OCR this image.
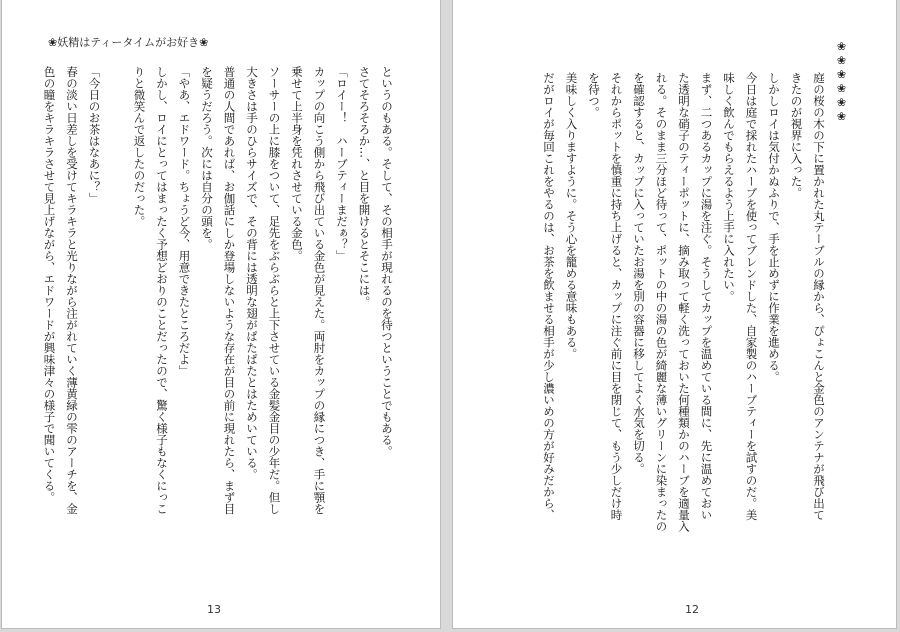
❀妖精はティータイムがお好き❀
というのもある。そして、その相手が現れるのを待つということでもある。
さてそろそろか…、と目を開けるとそこには。
「ロイー！　ハーブティーまだぁ？」
カップの向こう側から飛び出ている金色が見えた。両肘をカップの縁につき、手に顎を
乗せて上半身を凭れさせている金色。
ソーサーの上に膝をついて、足先をぶらぶらと上下させている金髪金目の少年だ。但し
大きさは手のひらサイズで、その背には透明な翅がぱたぱたとはためいている。
普通の人間であれば、お伽話にしか登場しないような存在が目の前に現れたら、まず目
を疑うだろう。次には自分の頭を。
「やあ、エドワード。ちょうど今、用意できたところだよ」
しかし、ロイにとってはまったく予想どおりのことだったので、驚く様子もなくにっこ
りと微笑んで返したのだった。

「今日のお茶はなあに？」
春の淡い日差しを受けてキラキラと光りながら注がれていく薄黄緑の雫のアーチを、金
色の瞳をキラキラさせて見上げながら、エドワードが興味津々の様子で聞いてくる。
13
❀❀❀❀❀❀
庭の桜の木の下に置かれた丸テーブルの縁から、ぴょこんと金色のアンテナが飛び出て
きたのが視界に入った。
しかしロイは気付かぬふりで、手を止めずに作業を進める。
今日は庭で採れたハーブを使ってブレンドした、自家製のハーブティーを試すのだ。美
味しく飲んでもらえるよう上手に入れたい。
まず、二つあるカップに湯を注ぐ。そうしてカップを温めている間に、先に温めておい
た透明な硝子のティーポットに、摘み取って軽く洗っておいた何種類かのハーブを適量入
れる。そのまま三分ほど待って、ポットの中の湯の色が綺麗な薄いグリーンに染まったの
を確認すると、カップに入っていたお湯を別の容器に移してよく水気を切る。
それからポットを慎重に持ち上げると、カップに注ぐ前に目を閉じて、もう少しだけ時
を待つ。
美味しく入りますように。そう心を籠める意味もある。
だがロイが毎回これをやるのは、お茶を飲ませる相手が少し濃いめの方が好みだから、
12
